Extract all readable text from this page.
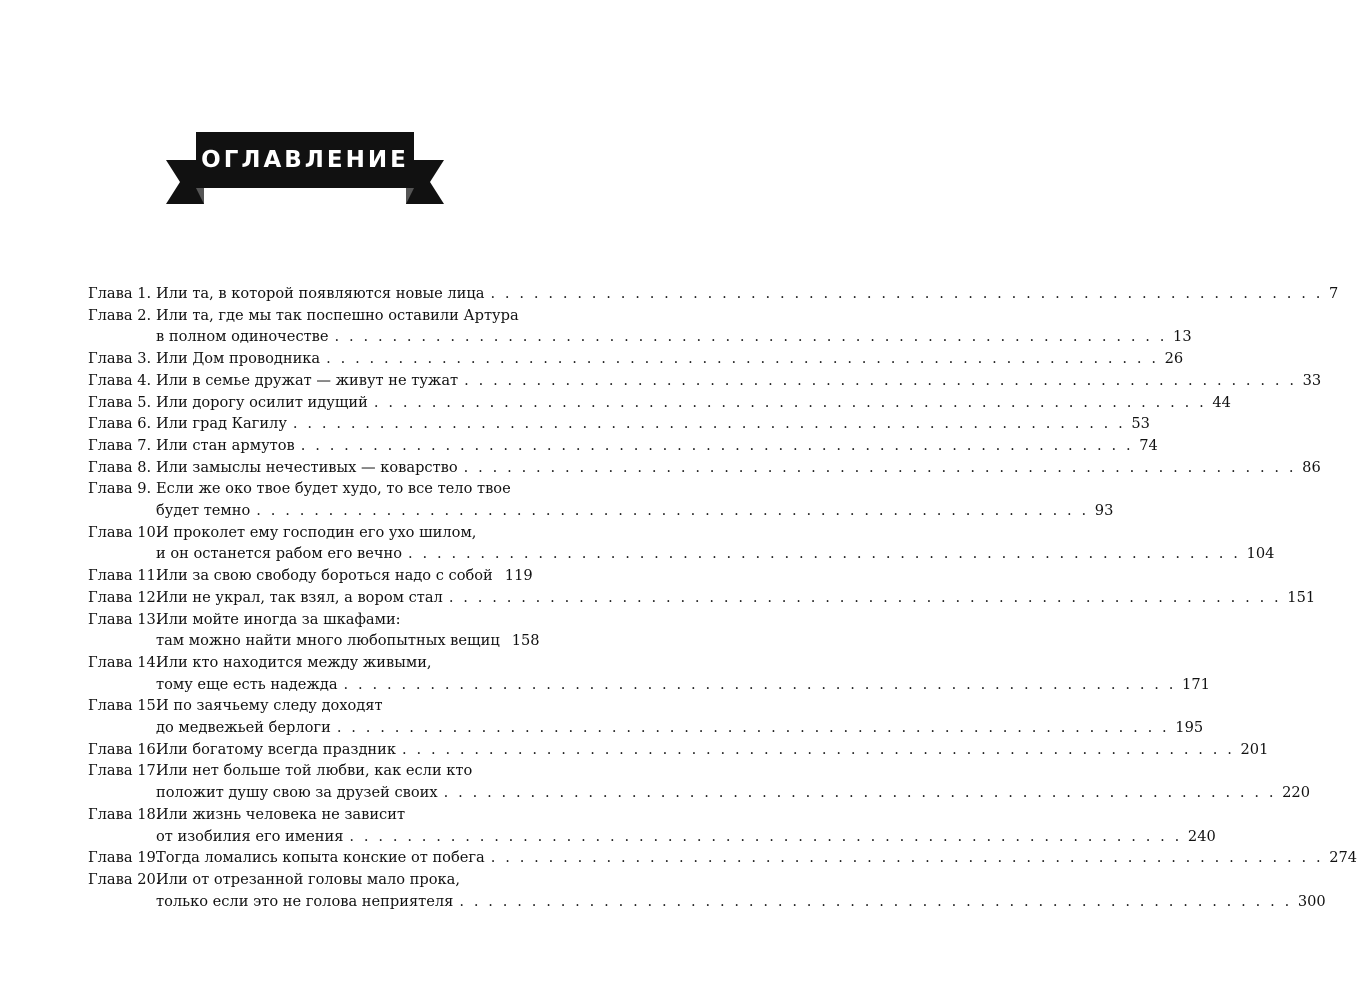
ОГЛАВЛЕНИЕ
Глава 1. Или та, в которой появляются новые лица . . . . . . . . . . . . . . . . . . . . . . . . . . . . . . . . . . . . . . . . . . . . . . . . . . . . . . . . . . 7
Глава 2. Или та, где мы так поспешно оставили Артура
в полном одиночестве . . . . . . . . . . . . . . . . . . . . . . . . . . . . . . . . . . . . . . . . . . . . . . . . . . . . . . . . . . 13
Глава 3. Или Дом проводника . . . . . . . . . . . . . . . . . . . . . . . . . . . . . . . . . . . . . . . . . . . . . . . . . . . . . . . . . . 26
Глава 4. Или в семье дружат — живут не тужат . . . . . . . . . . . . . . . . . . . . . . . . . . . . . . . . . . . . . . . . . . . . . . . . . . . . . . . . . . 33
Глава 5. Или дорогу осилит идущий . . . . . . . . . . . . . . . . . . . . . . . . . . . . . . . . . . . . . . . . . . . . . . . . . . . . . . . . . . 44
Глава 6. Или град Кагилу . . . . . . . . . . . . . . . . . . . . . . . . . . . . . . . . . . . . . . . . . . . . . . . . . . . . . . . . . . 53
Глава 7. Или стан армутов . . . . . . . . . . . . . . . . . . . . . . . . . . . . . . . . . . . . . . . . . . . . . . . . . . . . . . . . . . 74
Глава 8. Или замыслы нечестивых — коварство . . . . . . . . . . . . . . . . . . . . . . . . . . . . . . . . . . . . . . . . . . . . . . . . . . . . . . . . . . 86
Глава 9. Если же око твое будет худо, то все тело твое
будет темно . . . . . . . . . . . . . . . . . . . . . . . . . . . . . . . . . . . . . . . . . . . . . . . . . . . . . . . . . . 93
Глава 10.
И проколет ему господин его ухо шилом,
и он останется рабом его вечно . . . . . . . . . . . . . . . . . . . . . . . . . . . . . . . . . . . . . . . . . . . . . . . . . . . . . . . . . . 104
Глава 11.
Или за свою свободу бороться надо с собой 119
Глава 12.
Или не украл, так взял, а вором стал . . . . . . . . . . . . . . . . . . . . . . . . . . . . . . . . . . . . . . . . . . . . . . . . . . . . . . . . . . 151
Глава 13.
Или мойте иногда за шкафами:
там можно найти много любопытных вещиц 158
Глава 14.
Или кто находится между живыми,
тому еще есть надежда . . . . . . . . . . . . . . . . . . . . . . . . . . . . . . . . . . . . . . . . . . . . . . . . . . . . . . . . . . 171
Глава 15.
И по заячьему следу доходят
до медвежьей берлоги . . . . . . . . . . . . . . . . . . . . . . . . . . . . . . . . . . . . . . . . . . . . . . . . . . . . . . . . . . 195
Глава 16.
Или богатому всегда праздник . . . . . . . . . . . . . . . . . . . . . . . . . . . . . . . . . . . . . . . . . . . . . . . . . . . . . . . . . . 201
Глава 17.
Или нет больше той любви, как если кто
положит душу свою за друзей своих . . . . . . . . . . . . . . . . . . . . . . . . . . . . . . . . . . . . . . . . . . . . . . . . . . . . . . . . . . 220
Глава 18.
Или жизнь человека не зависит
от изобилия его имения . . . . . . . . . . . . . . . . . . . . . . . . . . . . . . . . . . . . . . . . . . . . . . . . . . . . . . . . . . 240
Глава 19.
Тогда ломались копыта конские от побега . . . . . . . . . . . . . . . . . . . . . . . . . . . . . . . . . . . . . . . . . . . . . . . . . . . . . . . . . . 274
Глава 20.
Или от отрезанной головы мало прока,
только если это не голова неприятеля . . . . . . . . . . . . . . . . . . . . . . . . . . . . . . . . . . . . . . . . . . . . . . . . . . . . . . . . . . 300
